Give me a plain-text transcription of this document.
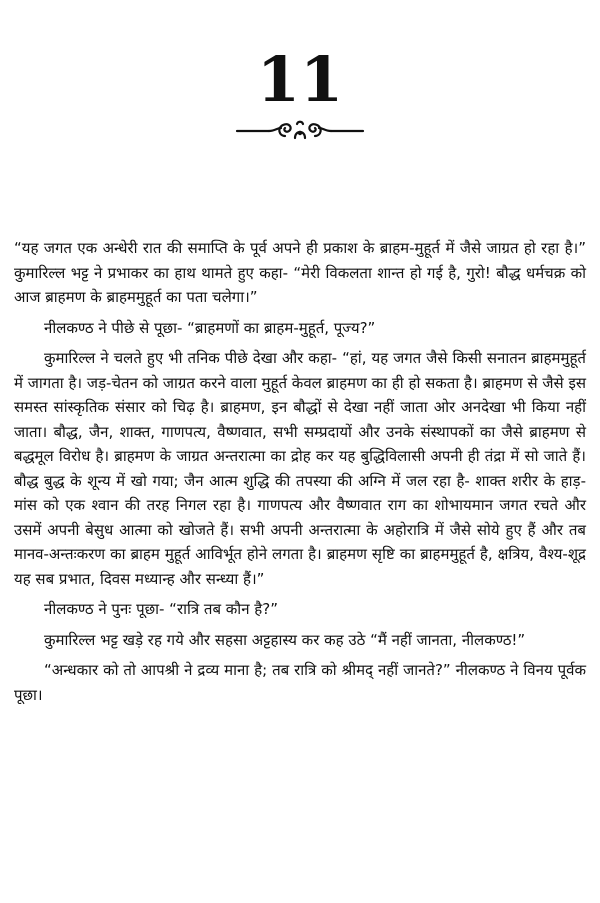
11

“यह जगत एक अन्धेरी रात की समाप्ति के पूर्व अपने ही प्रकाश के ब्राहम-मुहूर्त में जैसे जाग्रत हो रहा है।” कुमारिल्ल भट्ट ने प्रभाकर का हाथ थामते हुए कहा- “मेरी विकलता शान्त हो गई है, गुरो! बौद्ध धर्मचक्र को आज ब्राहमण के ब्राहममुहूर्त का पता चलेगा।”

नीलकण्ठ ने पीछे से पूछा- “ब्राहमणों का ब्राहम-मुहूर्त, पूज्य?”

कुमारिल्ल ने चलते हुए भी तनिक पीछे देखा और कहा- “हां, यह जगत जैसे किसी सनातन ब्राहममुहूर्त में जागता है। जड़-चेतन को जाग्रत करने वाला मुहूर्त केवल ब्राहमण का ही हो सकता है। ब्राहमण से जैसे इस समस्त सांस्कृतिक संसार को चिढ़ है। ब्राहमण, इन बौद्धों से देखा नहीं जाता ओर अनदेखा भी किया नहीं जाता। बौद्ध, जैन, शाक्त, गाणपत्य, वैष्णवात, सभी सम्प्रदायों और उनके संस्थापकों का जैसे ब्राहमण से बद्धमूल विरोध है। ब्राहमण के जाग्रत अन्तरात्मा का द्रोह कर यह बुद्धिविलासी अपनी ही तंद्रा में सो जाते हैं। बौद्ध बुद्ध के शून्य में खो गया; जैन आत्म शुद्धि की तपस्या की अग्नि में जल रहा है- शाक्त शरीर के हाड़-मांस को एक श्वान की तरह निगल रहा है। गाणपत्य और वैष्णवात राग का शोभायमान जगत रचते और उसमें अपनी बेसुध आत्मा को खोजते हैं। सभी अपनी अन्तरात्मा के अहोरात्रि में जैसे सोये हुए हैं और तब मानव-अन्तःकरण का ब्राहम मुहूर्त आविर्भूत होने लगता है। ब्राहमण सृष्टि का ब्राहममुहूर्त है, क्षत्रिय, वैश्य-शूद्र यह सब प्रभात, दिवस मध्यान्ह और सन्ध्या हैं।”

नीलकण्ठ ने पुनः पूछा- “रात्रि तब कौन है?”

कुमारिल्ल भट्ट खड़े रह गये और सहसा अट्टहास्य कर कह उठे “मैं नहीं जानता, नीलकण्ठ!”

“अन्धकार को तो आपश्री ने द्रव्य माना है; तब रात्रि को श्रीमद् नहीं जानते?” नीलकण्ठ ने विनय पूर्वक पूछा।
